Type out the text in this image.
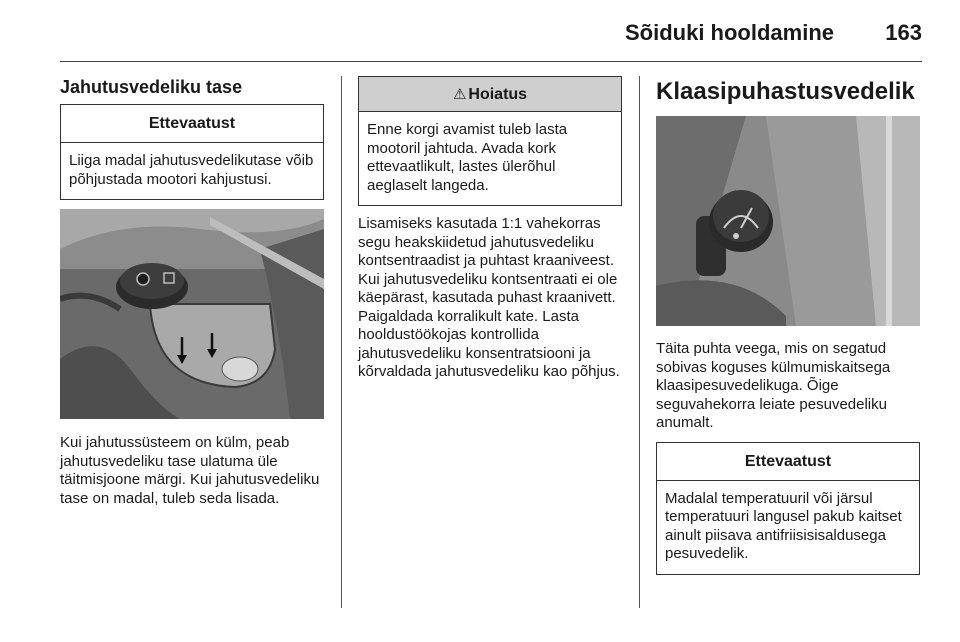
Sõiduki hooldamine 163
Jahutusvedeliku tase
Ettevaatust
Liiga madal jahutusvedelikutase võib põhjustada mootori kahjustusi.
Kui jahutussüsteem on külm, peab jahutusvedeliku tase ulatuma üle täitmisjoone märgi. Kui jahutusvedeliku tase on madal, tuleb seda lisada.
⚠ Hoiatus
Enne korgi avamist tuleb lasta mootoril jahtuda. Avada kork ettevaatlikult, lastes ülerõhul aeglaselt langeda.
Lisamiseks kasutada 1:1 vahekorras segu heakskiidetud jahutusvedeliku kontsentraadist ja puhtast kraaniveest. Kui jahutusvedeliku kontsentraati ei ole käepärast, kasutada puhast kraanivett. Paigaldada korralikult kate. Lasta hooldustöökojas kontrollida jahutusvedeliku konsentratsiooni ja kõrvaldada jahutusvedeliku kao põhjus.
Klaasipuhastusvedelik
Täita puhta veega, mis on segatud sobivas koguses külmumiskaitsega klaasipesuvedelikuga. Õige seguvahekorra leiate pesuvedeliku anumalt.
Ettevaatust
Madalal temperatuuril või järsul temperatuuri langusel pakub kaitset ainult piisava antifriisisisaldusega pesuvedelik.
